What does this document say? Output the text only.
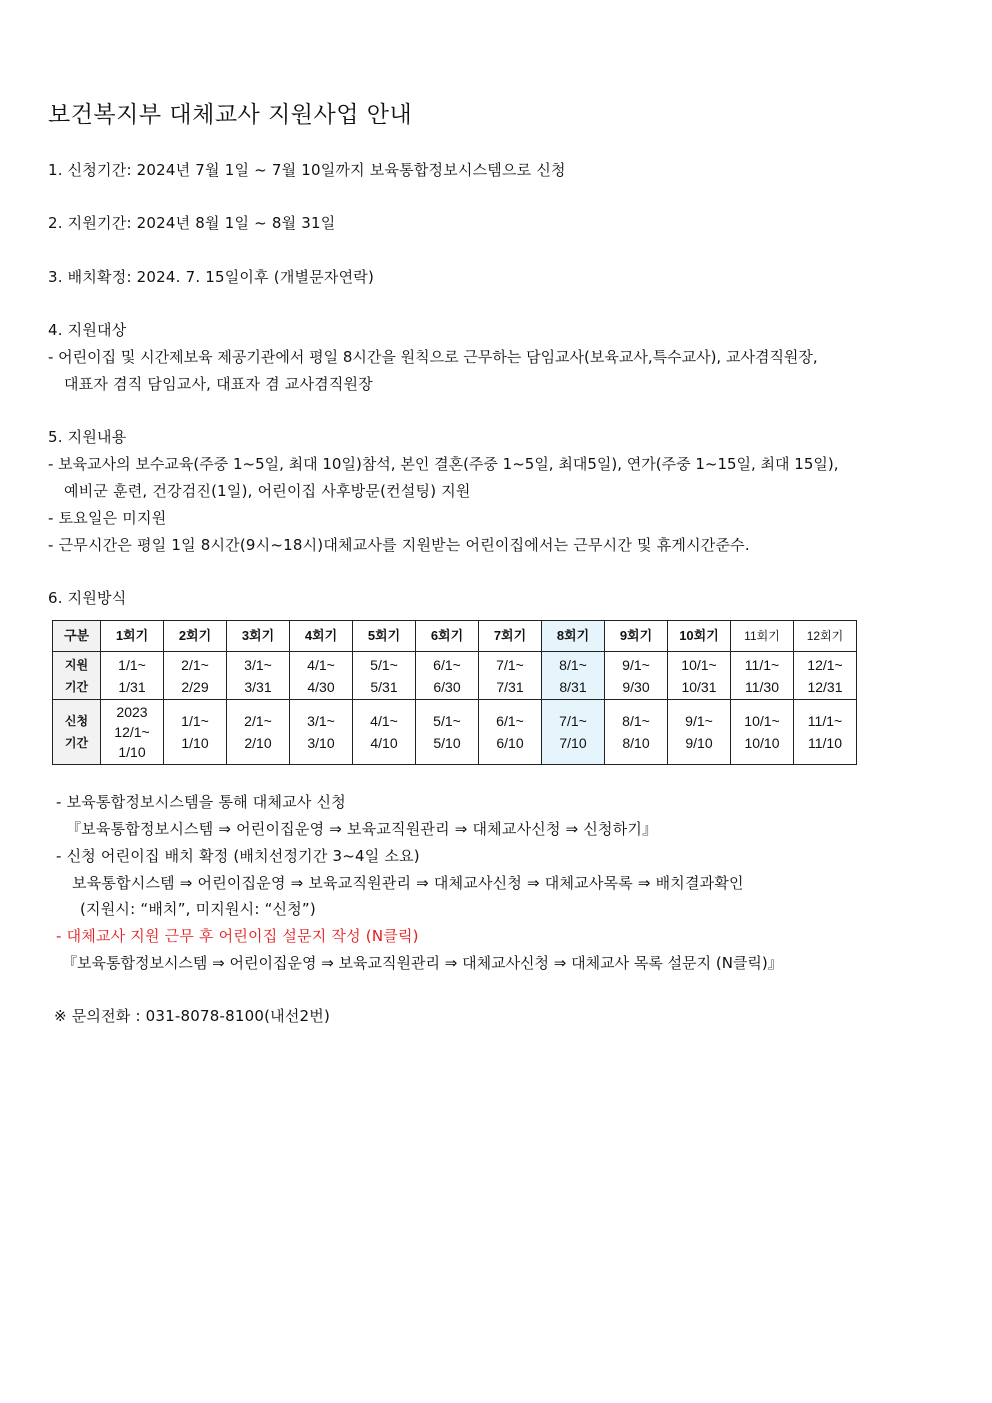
보건복지부 대체교사 지원사업 안내
1. 신청기간: 2024년 7월 1일 ~ 7월 10일까지 보육통합정보시스템으로 신청
2. 지원기간: 2024년 8월 1일 ~ 8월 31일
3. 배치확정: 2024. 7. 15일이후 (개별문자연락)
4. 지원대상
- 어린이집 및 시간제보육 제공기관에서 평일 8시간을 원칙으로 근무하는 담임교사(보육교사,특수교사), 교사겸직원장,
대표자 겸직 담임교사, 대표자 겸 교사겸직원장
5. 지원내용
- 보육교사의 보수교육(주중 1~5일, 최대 10일)참석, 본인 결혼(주중 1~5일, 최대5일), 연가(주중 1~15일, 최대 15일),
예비군 훈련, 건강검진(1일), 어린이집 사후방문(컨설팅) 지원
- 토요일은 미지원
- 근무시간은 평일 1일 8시간(9시~18시)대체교사를 지원받는 어린이집에서는 근무시간 및 휴게시간준수.
6. 지원방식
구분	1회기	2회기	3회기	4회기	5회기	6회기	7회기	8회기	9회기	10회기	11회기	12회기

지원
기간	1/1~
1/31	2/1~
2/29	3/1~
3/31	4/1~
4/30	5/1~
5/31	6/1~
6/30	7/1~
7/31	8/1~
8/31	9/1~
9/30	10/1~
10/31	11/1~
11/30	12/1~
12/31

신청
기간	2023
12/1~
1/10	1/1~
1/10	2/1~
2/10	3/1~
3/10	4/1~
4/10	5/1~
5/10	6/1~
6/10	7/1~
7/10	8/1~
8/10	9/1~
9/10	10/1~
10/10	11/1~
11/10
- 보육통합정보시스템을 통해 대체교사 신청
『보육통합정보시스템 ⇒ 어린이집운영 ⇒ 보육교직원관리 ⇒ 대체교사신청 ⇒ 신청하기』
- 신청 어린이집 배치 확정 (배치선정기간 3~4일 소요)
보육통합시스템 ⇒ 어린이집운영 ⇒ 보육교직원관리 ⇒ 대체교사신청 ⇒ 대체교사목록 ⇒ 배치결과확인
(지원시: “배치”, 미지원시: “신청”)
- 대체교사 지원 근무 후 어린이집 설문지 작성 (N클릭)
『보육통합정보시스템 ⇒ 어린이집운영 ⇒ 보육교직원관리 ⇒ 대체교사신청 ⇒ 대체교사 목록 설문지 (N클릭)』
※ 문의전화 : 031-8078-8100(내선2번)
